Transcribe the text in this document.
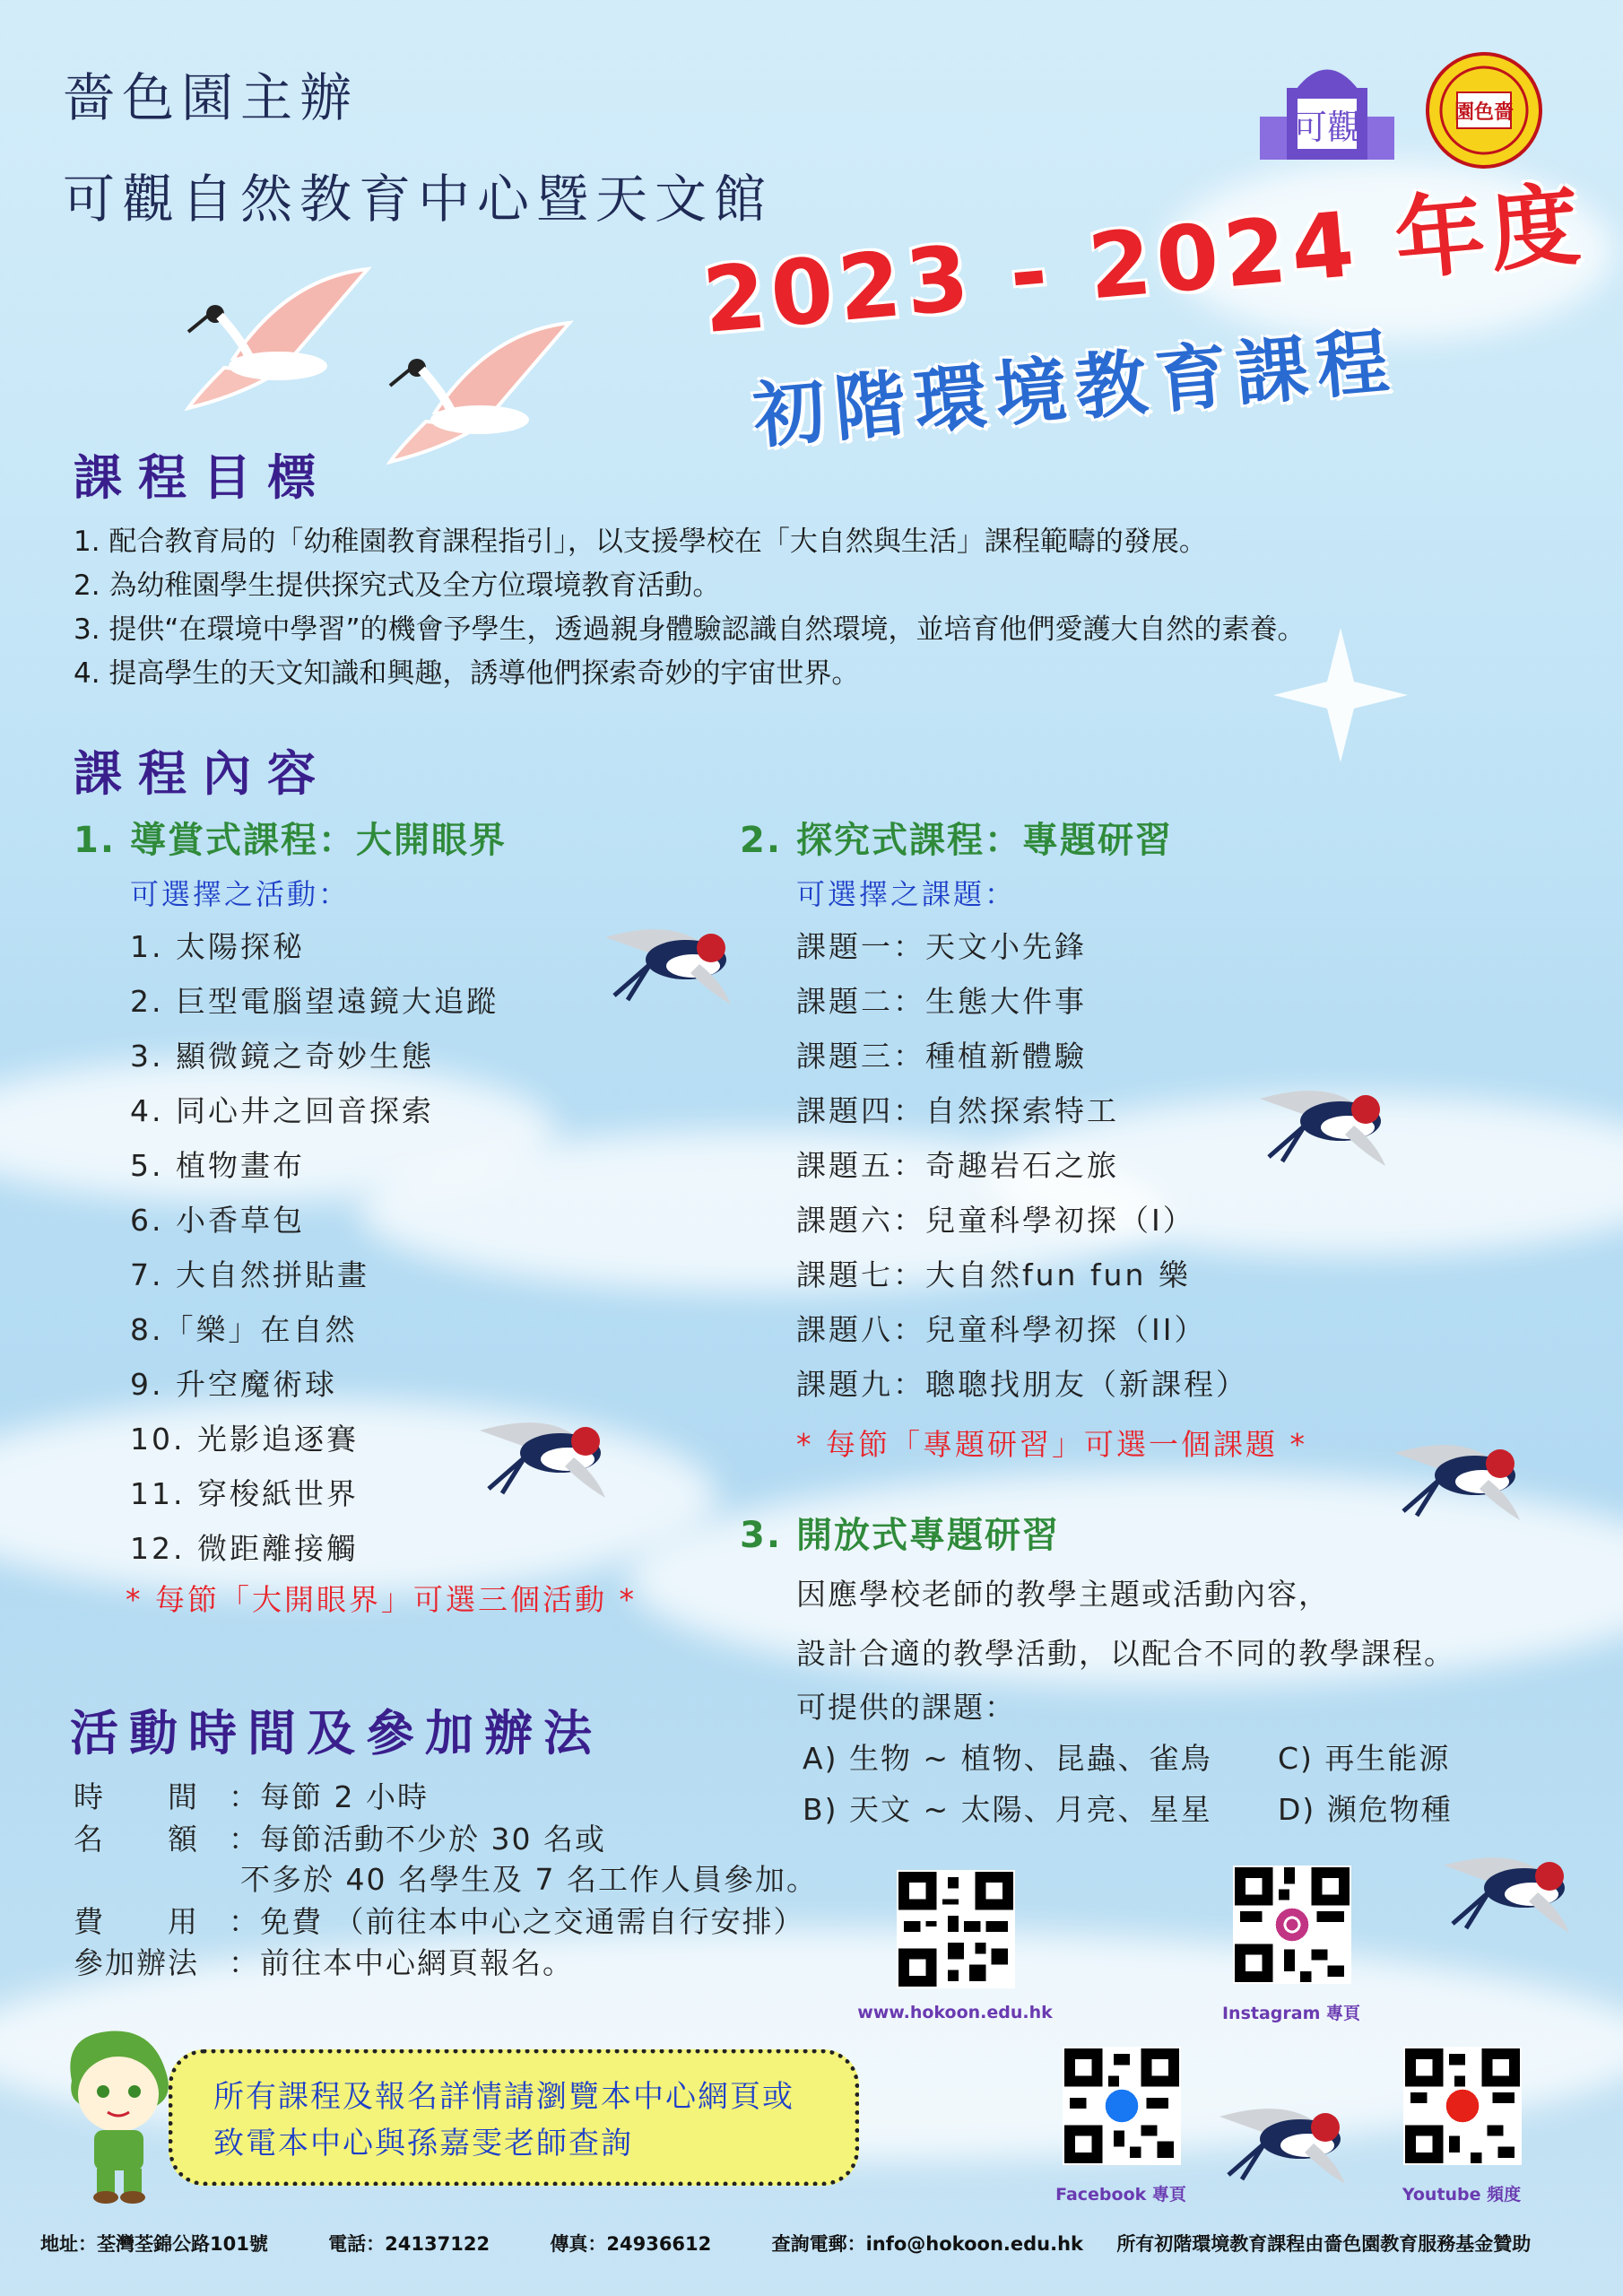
嗇色園主辦
可觀自然教育中心暨天文館
可觀	園色嗇
2023 - 2024 年度
初階環境教育課程
課程目標
1. 配合教育局的「幼稚園教育課程指引」，以支援學校在「大自然與生活」課程範疇的發展。
2. 為幼稚園學生提供探究式及全方位環境教育活動。
3. 提供“在環境中學習”的機會予學生，透過親身體驗認識自然環境，並培育他們愛護大自然的素養。
4. 提高學生的天文知識和興趣，誘導他們探索奇妙的宇宙世界。
課程內容
1. 導賞式課程：大開眼界
可選擇之活動：
1. 太陽探秘
2. 巨型電腦望遠鏡大追蹤
3. 顯微鏡之奇妙生態
4. 同心井之回音探索
5. 植物畫布
6. 小香草包
7. 大自然拼貼畫
8.「樂」在自然
9. 升空魔術球
10. 光影追逐賽
11. 穿梭紙世界
12. 微距離接觸
* 每節「大開眼界」可選三個活動 *
2. 探究式課程：專題研習
可選擇之課題：
課題一：天文小先鋒
課題二：生態大件事
課題三：種植新體驗
課題四：自然探索特工
課題五：奇趣岩石之旅
課題六：兒童科學初探（I）
課題七：大自然fun fun 樂
課題八：兒童科學初探（II）
課題九：聰聰找朋友（新課程）
* 每節「專題研習」可選一個課題 *
3. 開放式專題研習
因應學校老師的教學主題或活動內容，
設計合適的教學活動，以配合不同的教學課程。
可提供的課題：
A) 生物 ~ 植物、昆蟲、雀鳥 C) 再生能源
B) 天文 ~ 太陽、月亮、星星 D) 瀕危物種
活動時間及參加辦法
時　　間 ：每節 2 小時
名　　額 ：每節活動不少於 30 名或
不多於 40 名學生及 7 名工作人員參加。
費　　用 ：免費 （前往本中心之交通需自行安排）
參加辦法 ：前往本中心網頁報名。
www.hokoon.edu.hk	Instagram 專頁
Facebook 專頁	Youtube 頻度
所有課程及報名詳情請瀏覽本中心網頁或
致電本中心與孫嘉雯老師查詢
地址：荃灣荃錦公路101號	電話：24137122	傳真：24936612	查詢電郵：info@hokoon.edu.hk 所有初階環境教育課程由嗇色園教育服務基金贊助
